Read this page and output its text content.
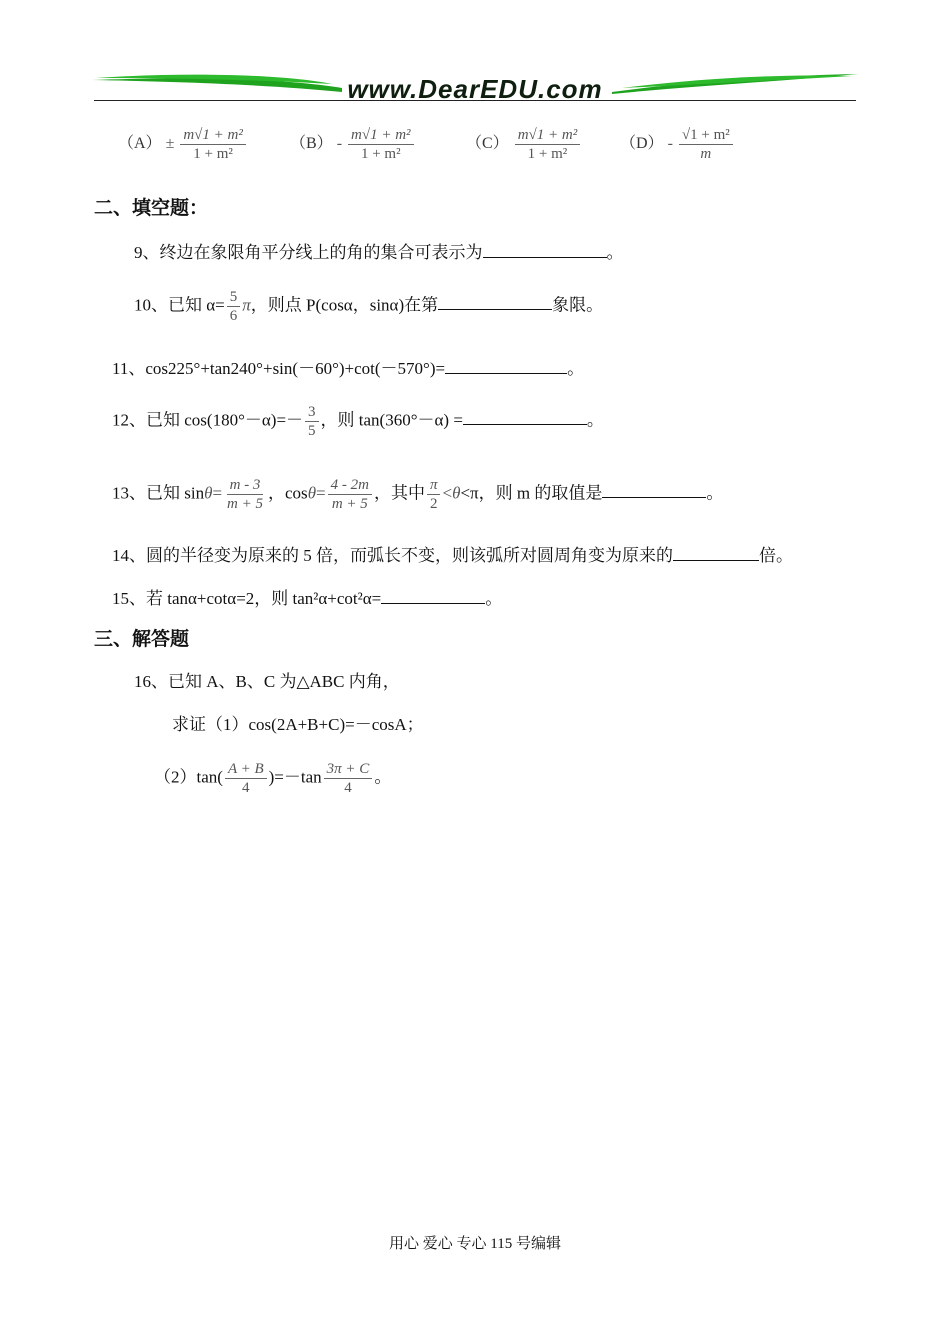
www.DearEDU.com
$(A) \pm \frac{\text{m√1 + m²}}{\text{1 + m²}}$	$(B) - \frac{\text{m√1 + m²}}{\text{1 + m²}}$	$(C) \frac{\text{m√1 + m²}}{\text{1 + m²}} (D) - \frac{\text{√1 + m²}}{m}$
二、填空题：
9、终边在象限角平分线上的角的集合可表示为	。
10、已知 $\alpha= \frac{5}{6}$ π，则点 P(cosα，sinα)在第	象限。
11、cos225°+tan240°+sin(－60°)+cot(－570°)=	。
12、已知 $\cos(180^\circ-\alpha)=- \frac{3}{5}$ ，则 tan(360°－α) =	。
13、已知 $\sin\theta= \frac{m - 3}{m + 5}$ ，$\cos\theta= \frac{4 - 2m}{m + 5}$ ，其中 $\frac{\pi}{2} <\theta<\pi$，则 m 的取值是	。
14、圆的半径变为原来的 5 倍，而弧长不变，则该弧所对圆周角变为原来的	倍。
15、若 tanα+cotα=2，则 tan²α+cot²α=	。
三、解答题
16、已知 A、B、C 为△ABC 内角，
求证（1）cos(2A+B+C)=－cosA；
$(2)\tan( \frac{A + B}{4} )=-\tan \frac{3\pi + C}{4}$ 。
用心 爱心 专心 115 号编辑
